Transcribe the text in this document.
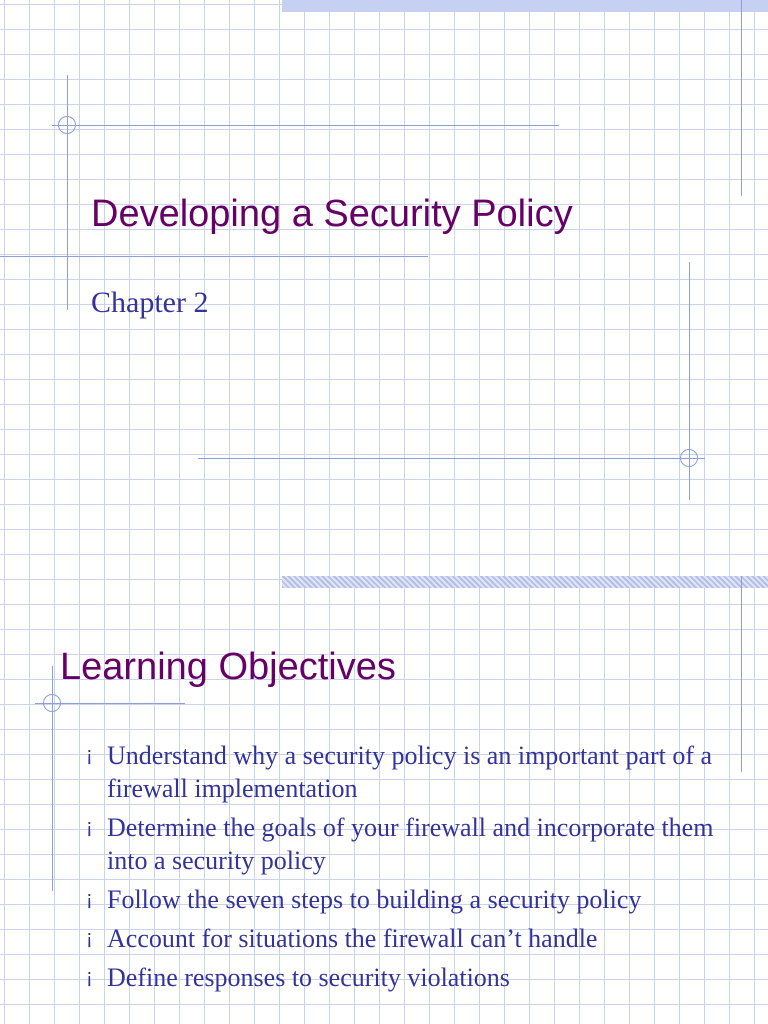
Developing a Security Policy
Chapter 2
Learning Objectives
¡ Understand why a security policy is an important part of a firewall implementation
¡ Determine the goals of your firewall and incorporate them into a security policy
¡ Follow the seven steps to building a security policy
¡ Account for situations the firewall can’t handle
¡ Define responses to security violations
